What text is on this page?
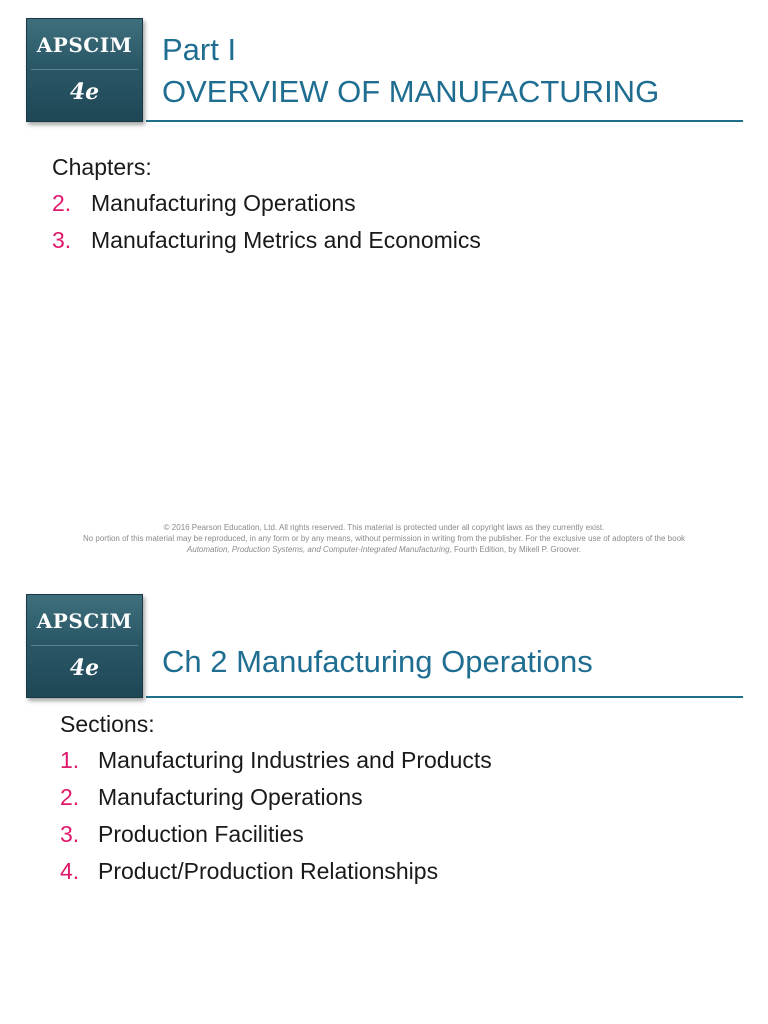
APSCIM
4e
Part I
OVERVIEW OF MANUFACTURING
Chapters:
2. Manufacturing Operations
3. Manufacturing Metrics and Economics
© 2016 Pearson Education, Ltd. All rights reserved. This material is protected under all copyright laws as they currently exist.
No portion of this material may be reproduced, in any form or by any means, without permission in writing from the publisher. For the exclusive use of adopters of the book
Automation, Production Systems, and Computer-Integrated Manufacturing, Fourth Edition, by Mikell P. Groover.
APSCIM
4e	Ch 2 Manufacturing Operations
Sections:
1. Manufacturing Industries and Products
2. Manufacturing Operations
3. Production Facilities
4. Product/Production Relationships
